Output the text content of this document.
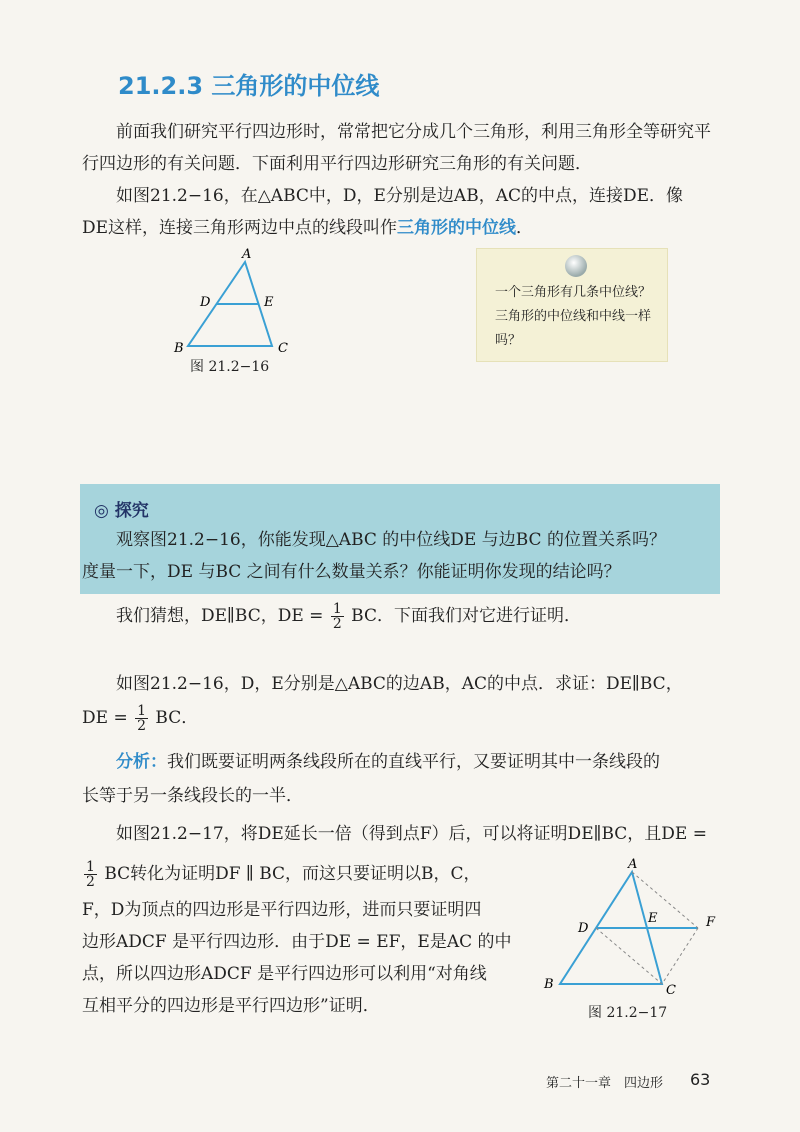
21.2.3 三角形的中位线
前面我们研究平行四边形时，常常把它分成几个三角形，利用三角形全等研究平行四边形的有关问题．下面利用平行四边形研究三角形的有关问题．
如图21.2−16，在△ABC中，D，E分别是边AB，AC的中点，连接DE．像
DE这样，连接三角形两边中点的线段叫作三角形的中位线．
A
B	C
D	E
图 21.2−16
一个三角形有几条中位线？三角形的中位线和中线一样吗？
◎ 探究
观察图21.2−16，你能发现△ABC 的中位线DE 与边BC 的位置关系吗？
度量一下，DE 与BC 之间有什么数量关系？你能证明你发现的结论吗？
我们猜想，DE∥BC，DE = $\frac{1}{2}$ BC．下面我们对它进行证明．
如图21.2−16，D，E分别是△ABC的边AB，AC的中点．求证：DE∥BC，
DE = $\frac{1}{2}$ BC．
分析：我们既要证明两条线段所在的直线平行，又要证明其中一条线段的
长等于另一条线段长的一半．
如图21.2−17，将DE延长一倍（得到点F）后，可以将证明DE∥BC，且DE =
$\frac{1}{2}$ BC转化为证明DF ∥ BC，而这只要证明以B，C，
F，D为顶点的四边形是平行四边形，进而只要证明四
边形ADCF 是平行四边形．由于DE = EF，E是AC 的中
点，所以四边形ADCF 是平行四边形可以利用“对角线
互相平分的四边形是平行四边形”证明．
A
B	C
D
E	F
图 21.2−17
第二十一章　四边形 63
